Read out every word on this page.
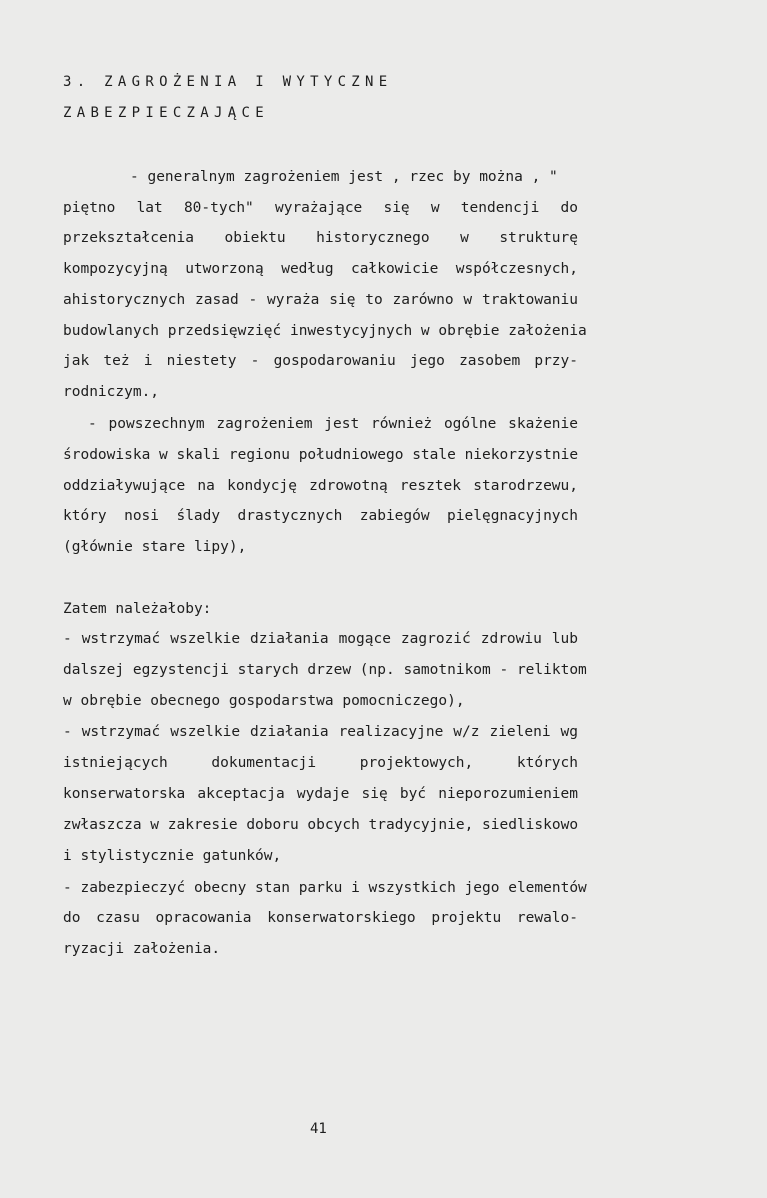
3. ZAGROŻENIA I WYTYCZNE
ZABEZPIECZAJĄCE

- generalnym zagrożeniem jest , rzec by można , "

piętno lat 80-tych" wyrażające się w tendencji do

przekształcenia obiektu historycznego w strukturę

kompozycyjną utworzoną według całkowicie współczesnych,

ahistorycznych zasad - wyraża się to zarówno w traktowaniu

budowlanych przedsięwzięć inwestycyjnych w obrębie założenia

jak też i niestety - gospodarowaniu jego zasobem przy-

rodniczym.,

- powszechnym zagrożeniem jest również ogólne skażenie

środowiska w skali regionu południowego stale niekorzystnie

oddziaływujące na kondycję zdrowotną resztek starodrzewu,

który nosi ślady drastycznych zabiegów pielęgnacyjnych

(głównie stare lipy),

Zatem należałoby:

- wstrzymać wszelkie działania mogące zagrozić zdrowiu lub

dalszej egzystencji starych drzew (np. samotnikom - reliktom

w obrębie obecnego gospodarstwa pomocniczego),

- wstrzymać wszelkie działania realizacyjne w/z zieleni wg

istniejących dokumentacji projektowych, których

konserwatorska akceptacja wydaje się być nieporozumieniem

zwłaszcza w zakresie doboru obcych tradycyjnie, siedliskowo

i stylistycznie gatunków,

- zabezpieczyć obecny stan parku i wszystkich jego elementów

do czasu opracowania konserwatorskiego projektu rewalo-

ryzacji założenia.

41
